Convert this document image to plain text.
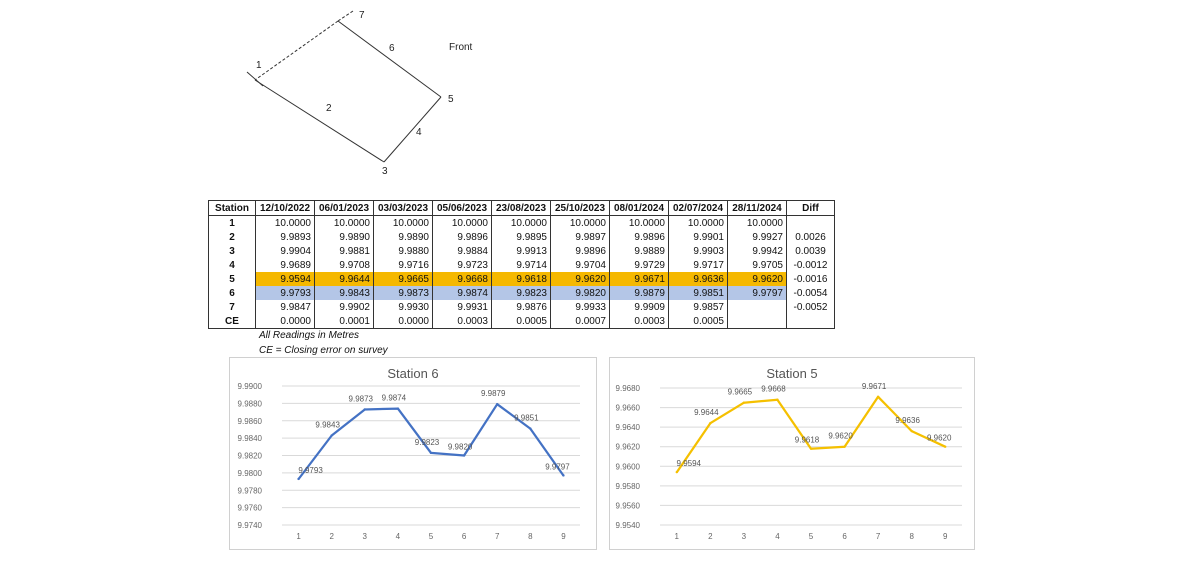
1
2
3
4
5
6
7
Front
Station	12/10/2022	06/01/2023	03/03/2023	05/06/2023	23/08/2023	25/10/2023	08/01/2024	02/07/2024	28/11/2024	Diff
1	10.0000	10.0000	10.0000	10.0000	10.0000	10.0000	10.0000	10.0000	10.0000	
2	9.9893	9.9890	9.9890	9.9896	9.9895	9.9897	9.9896	9.9901	9.9927	0.0026
3	9.9904	9.9881	9.9880	9.9884	9.9913	9.9896	9.9889	9.9903	9.9942	0.0039
4	9.9689	9.9708	9.9716	9.9723	9.9714	9.9704	9.9729	9.9717	9.9705	-0.0012
5	9.9594	9.9644	9.9665	9.9668	9.9618	9.9620	9.9671	9.9636	9.9620	-0.0016
6	9.9793	9.9843	9.9873	9.9874	9.9823	9.9820	9.9879	9.9851	9.9797	-0.0054
7	9.9847	9.9902	9.9930	9.9931	9.9876	9.9933	9.9909	9.9857		-0.0052
CE	0.0000	0.0001	0.0000	0.0003	0.0005	0.0007	0.0003	0.0005		
All Readings in Metres
CE = Closing error on survey
Station 6
9.9740
9.9760
9.9780
9.9800
9.9820
9.9840
9.9860
9.9880
9.9900
1	2	3	4	5	6	7	8	9
9.9793
9.9843
9.9873 9.9874
9.9823
9.9820
9.9879
9.9851
9.9797
Station 5
9.9540
9.9560
9.9580
9.9600
9.9620
9.9640
9.9660
9.9680
1	2	3	4	5	6	7	8	9
9.9594
9.9644
9.9665 9.9668
9.9618 9.9620
9.9671
9.9636
9.9620
